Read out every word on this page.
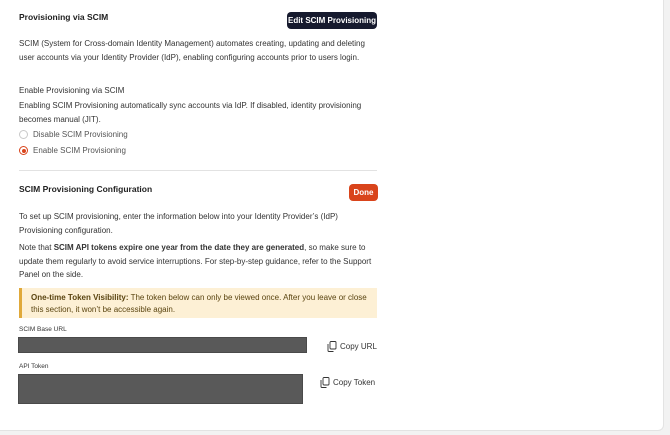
Provisioning via SCIM	Edit SCIM Provisioning
SCIM (System for Cross-domain Identity Management) automates creating, updating and deleting user accounts via your Identity Provider (IdP), enabling configuring accounts prior to users login.
Enable Provisioning via SCIM
Enabling SCIM Provisioning automatically sync accounts via IdP. If disabled, identity provisioning becomes manual (JIT).
Disable SCIM Provisioning
Enable SCIM Provisioning
SCIM Provisioning Configuration	Done
To set up SCIM provisioning, enter the information below into your Identity Provider’s (IdP) Provisioning configuration.
Note that SCIM API tokens expire one year from the date they are generated, so make sure to update them regularly to avoid service interruptions. For step-by-step guidance, refer to the Support Panel on the side.
One-time Token Visibility: The token below can only be viewed once. After you leave or close this section, it won’t be accessible again.
SCIM Base URL
Copy URL
API Token
Copy Token
